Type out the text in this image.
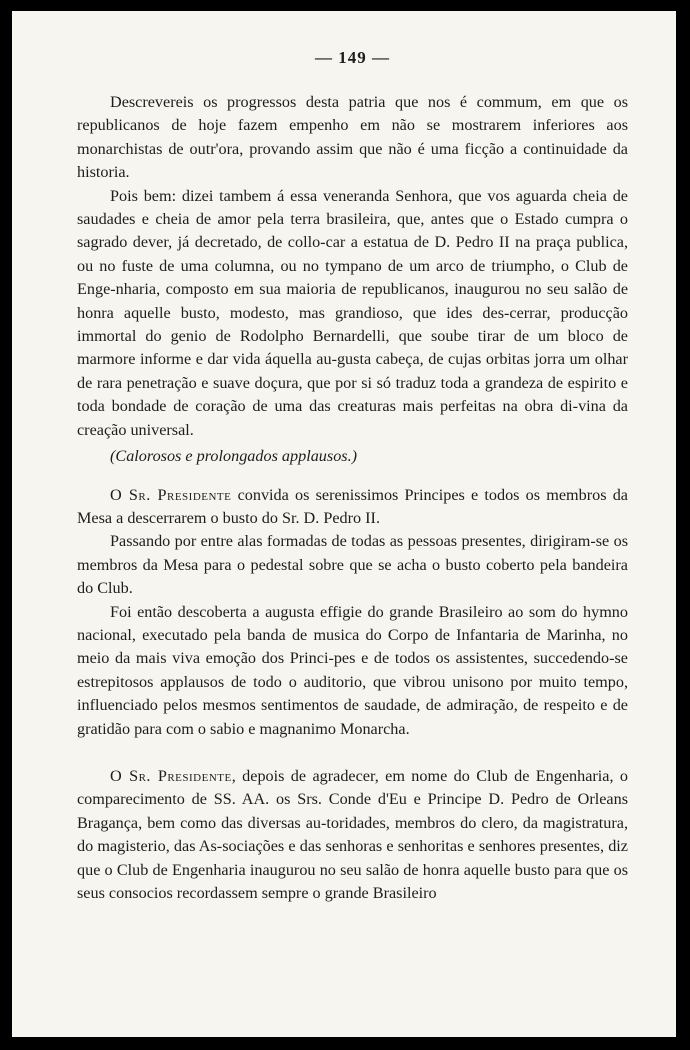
— 149 —

Descrevereis os progressos desta patria que nos é commum, em que os republicanos de hoje fazem empenho em não se mostrarem inferiores aos monarchistas de outr'ora, provando assim que não é uma ficção a continuidade da historia.

Pois bem: dizei tambem á essa veneranda Senhora, que vos aguarda cheia de saudades e cheia de amor pela terra brasileira, que, antes que o Estado cumpra o sagrado dever, já decretado, de collo-car a estatua de D. Pedro II na praça publica, ou no fuste de uma columna, ou no tympano de um arco de triumpho, o Club de Enge-nharia, composto em sua maioria de republicanos, inaugurou no seu salão de honra aquelle busto, modesto, mas grandioso, que ides des-cerrar, producção immortal do genio de Rodolpho Bernardelli, que soube tirar de um bloco de marmore informe e dar vida áquella au-gusta cabeça, de cujas orbitas jorra um olhar de rara penetração e suave doçura, que por si só traduz toda a grandeza de espirito e toda bondade de coração de uma das creaturas mais perfeitas na obra di-vina da creação universal.

(Calorosos e prolongados applausos.)

O Sr. Presidente convida os serenissimos Principes e todos os membros da Mesa a descerrarem o busto do Sr. D. Pedro II.

Passando por entre alas formadas de todas as pessoas presentes, dirigiram-se os membros da Mesa para o pedestal sobre que se acha o busto coberto pela bandeira do Club.

Foi então descoberta a augusta effigie do grande Brasileiro ao som do hymno nacional, executado pela banda de musica do Corpo de Infantaria de Marinha, no meio da mais viva emoção dos Princi-pes e de todos os assistentes, succedendo-se estrepitosos applausos de todo o auditorio, que vibrou unisono por muito tempo, influenciado pelos mesmos sentimentos de saudade, de admiração, de respeito e de gratidão para com o sabio e magnanimo Monarcha.

O Sr. Presidente, depois de agradecer, em nome do Club de Engenharia, o comparecimento de SS. AA. os Srs. Conde d'Eu e Principe D. Pedro de Orleans Bragança, bem como das diversas au-toridades, membros do clero, da magistratura, do magisterio, das As-sociações e das senhoras e senhoritas e senhores presentes, diz que o Club de Engenharia inaugurou no seu salão de honra aquelle busto para que os seus consocios recordassem sempre o grande Brasileiro
